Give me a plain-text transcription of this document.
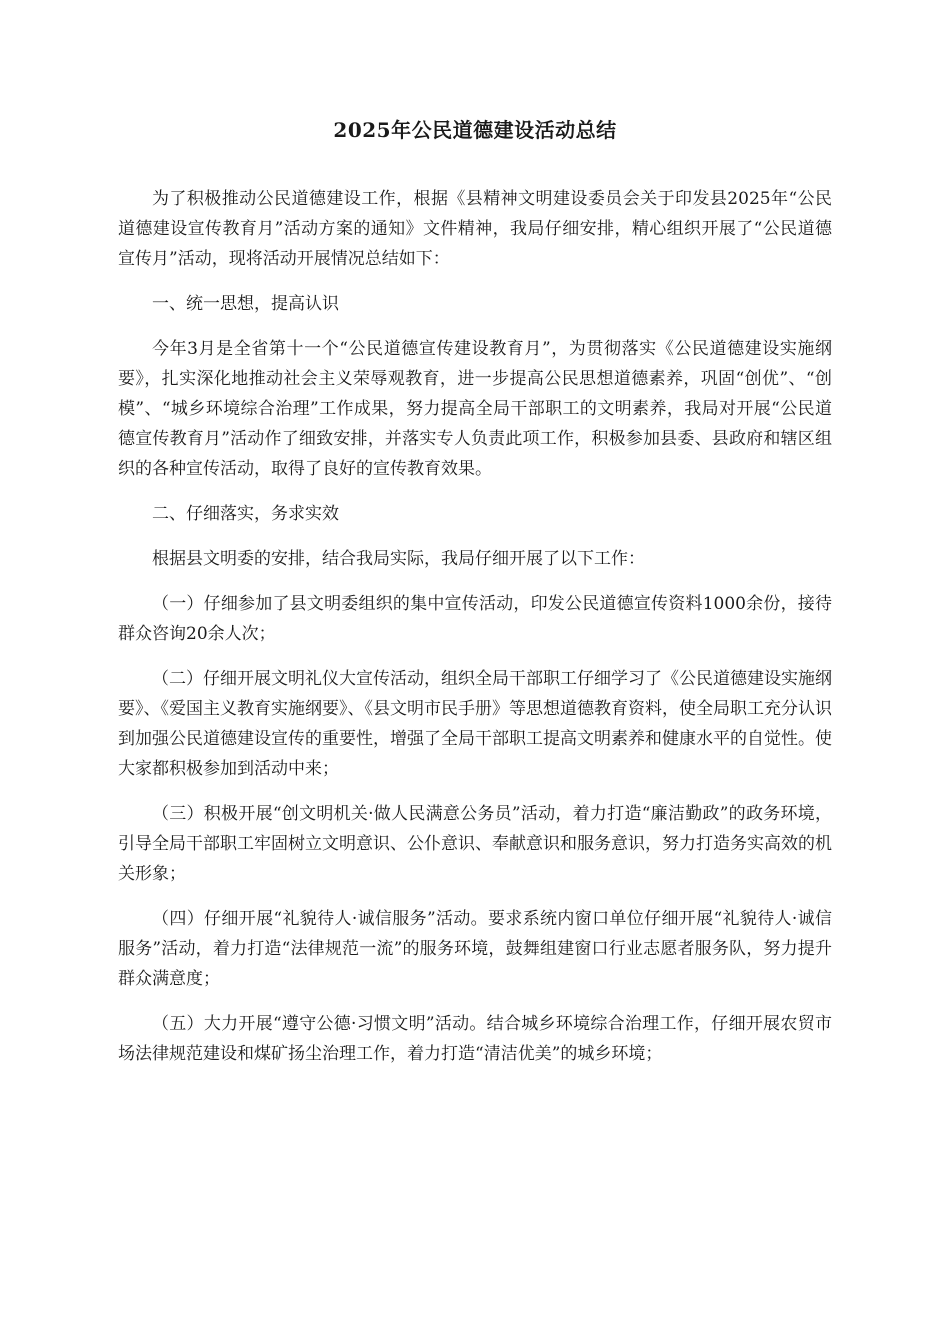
2025年公民道德建设活动总结

为了积极推动公民道德建设工作，根据《县精神文明建设委员会关于印发县2025年“公民道德建设宣传教育月”活动方案的通知》文件精神，我局仔细安排，精心组织开展了“公民道德宣传月”活动，现将活动开展情况总结如下：

一、统一思想，提高认识

今年3月是全省第十一个“公民道德宣传建设教育月”，为贯彻落实《公民道德建设实施纲要》，扎实深化地推动社会主义荣辱观教育，进一步提高公民思想道德素养，巩固“创优”、“创模”、“城乡环境综合治理”工作成果，努力提高全局干部职工的文明素养，我局对开展“公民道德宣传教育月”活动作了细致安排，并落实专人负责此项工作，积极参加县委、县政府和辖区组织的各种宣传活动，取得了良好的宣传教育效果。

二、仔细落实，务求实效

根据县文明委的安排，结合我局实际，我局仔细开展了以下工作：

（一）仔细参加了县文明委组织的集中宣传活动，印发公民道德宣传资料1000余份，接待群众咨询20余人次；

（二）仔细开展文明礼仪大宣传活动，组织全局干部职工仔细学习了《公民道德建设实施纲要》、《爱国主义教育实施纲要》、《县文明市民手册》等思想道德教育资料，使全局职工充分认识到加强公民道德建设宣传的重要性，增强了全局干部职工提高文明素养和健康水平的自觉性。使大家都积极参加到活动中来；

（三）积极开展“创文明机关·做人民满意公务员”活动，着力打造“廉洁勤政”的政务环境，引导全局干部职工牢固树立文明意识、公仆意识、奉献意识和服务意识，努力打造务实高效的机关形象；

（四）仔细开展“礼貌待人·诚信服务”活动。要求系统内窗口单位仔细开展“礼貌待人·诚信服务”活动，着力打造“法律规范一流”的服务环境，鼓舞组建窗口行业志愿者服务队，努力提升群众满意度；

（五）大力开展“遵守公德·习惯文明”活动。结合城乡环境综合治理工作，仔细开展农贸市场法律规范建设和煤矿扬尘治理工作，着力打造“清洁优美”的城乡环境；
